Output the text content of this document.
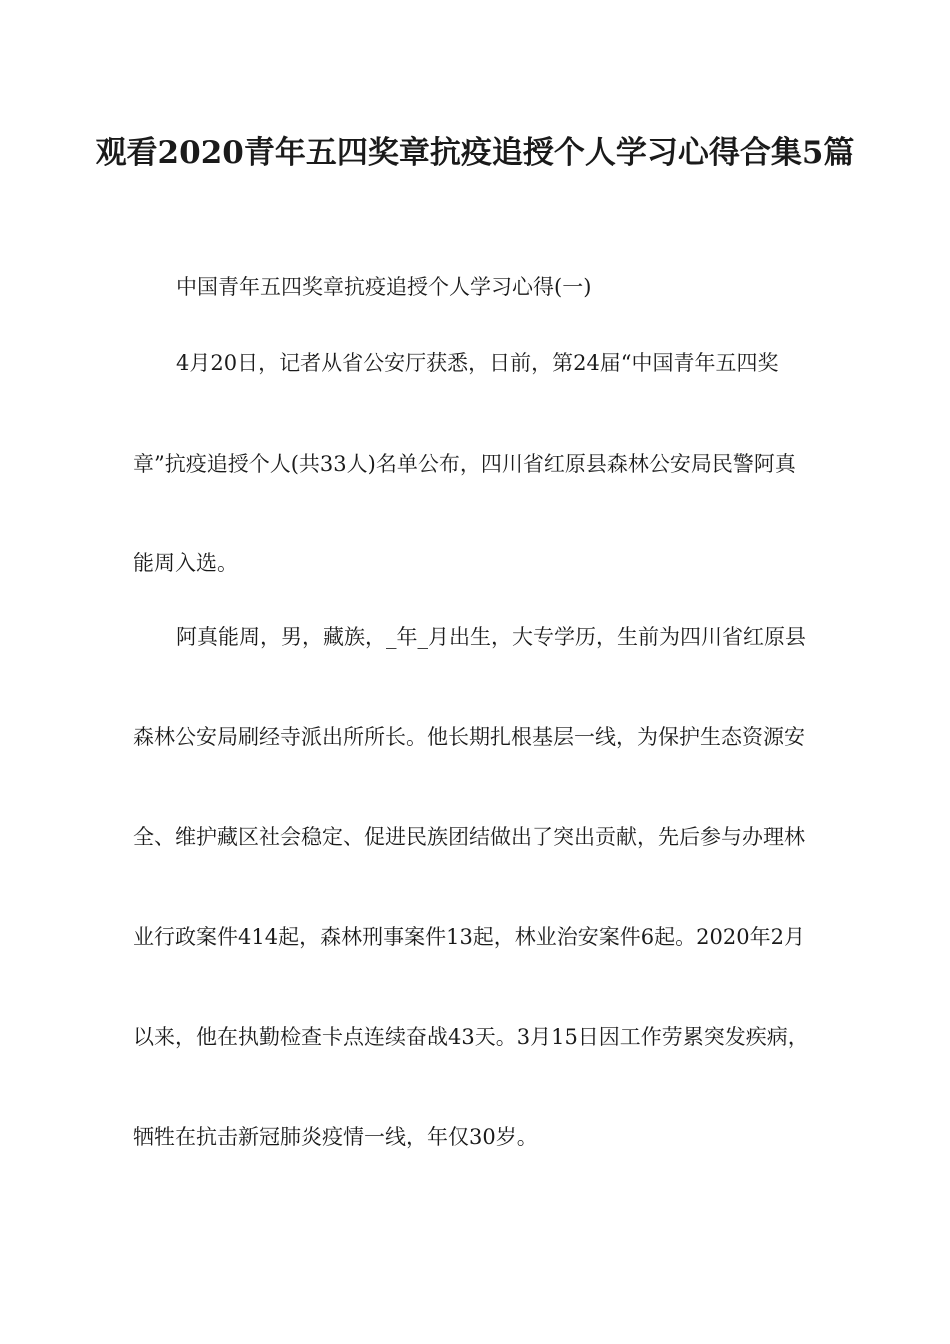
观看2020青年五四奖章抗疫追授个人学习心得合集5篇
中国青年五四奖章抗疫追授个人学习心得(一)
4月20日，记者从省公安厅获悉，日前，第24届“中国青年五四奖
章”抗疫追授个人(共33人)名单公布，四川省红原县森林公安局民警阿真
能周入选。
阿真能周，男，藏族，_年_月出生，大专学历，生前为四川省红原县
森林公安局刷经寺派出所所长。他长期扎根基层一线，为保护生态资源安
全、维护藏区社会稳定、促进民族团结做出了突出贡献，先后参与办理林
业行政案件414起，森林刑事案件13起，林业治安案件6起。2020年2月
以来，他在执勤检查卡点连续奋战43天。3月15日因工作劳累突发疾病，
牺牲在抗击新冠肺炎疫情一线，年仅30岁。
